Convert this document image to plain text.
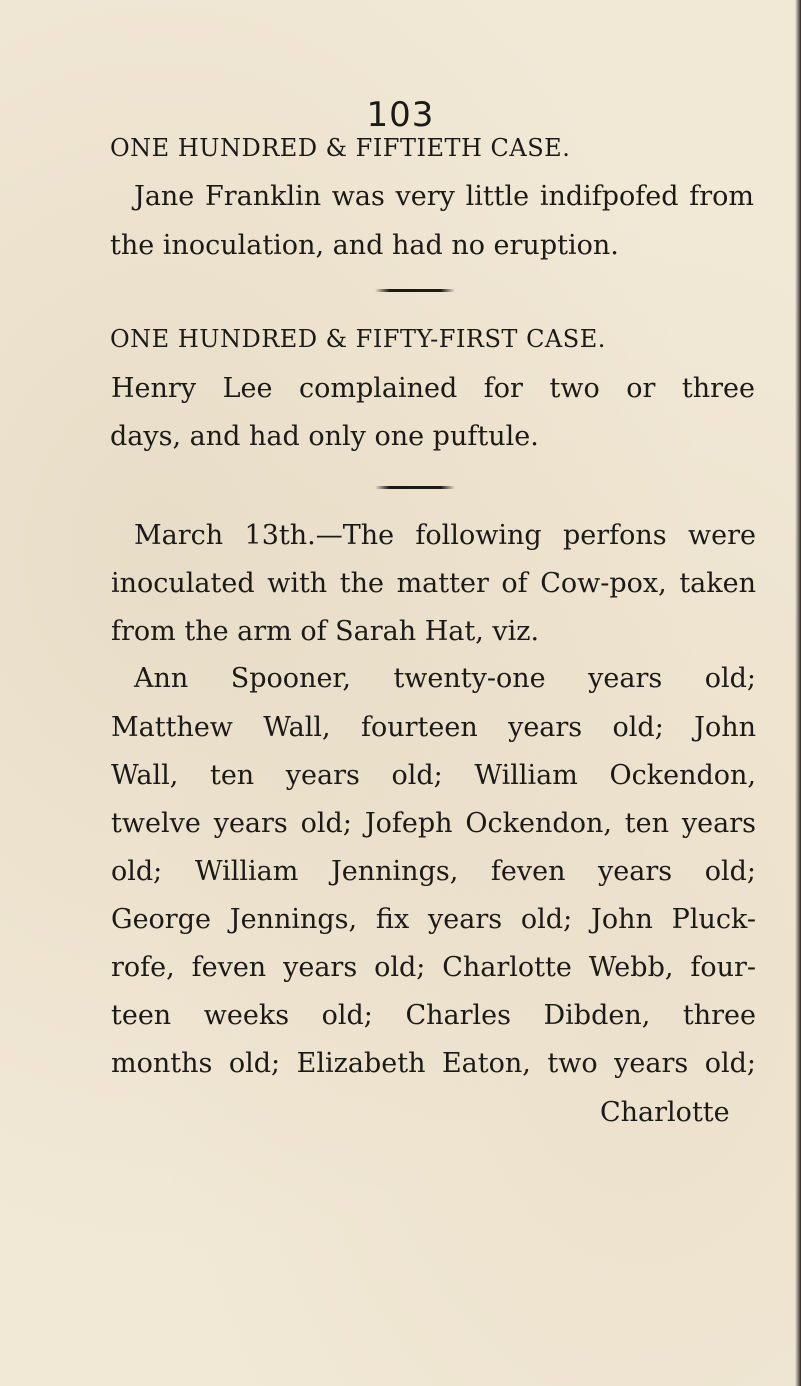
103
ONE HUNDRED & FIFTIETH CASE.
Jane Franklin was very little indifpofed from
the inoculation, and had no eruption.
ONE HUNDRED & FIFTY-FIRST CASE.
Henry Lee complained for two or three
days, and had only one puftule.
March 13th.—The following perfons were
inoculated with the matter of Cow-pox, taken
from the arm of Sarah Hat, viz.
Ann Spooner, twenty-one years old;
Matthew Wall, fourteen years old; John
Wall, ten years old; William Ockendon,
twelve years old; Jofeph Ockendon, ten years
old; William Jennings, feven years old;
George Jennings, fix years old; John Pluck-
rofe, feven years old; Charlotte Webb, four-
teen weeks old; Charles Dibden, three
months old; Elizabeth Eaton, two years old;
Charlotte
